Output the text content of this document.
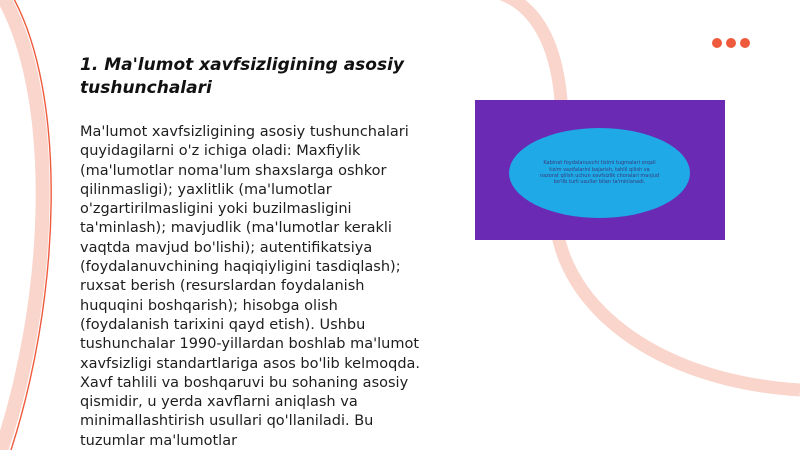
1. Ma'lumot xavfsizligining asosiy tushunchalari

Ma'lumot xavfsizligining asosiy tushunchalari quyidagilarni o'z ichiga oladi: Maxfiylik (ma'lumotlar noma'lum shaxslarga oshkor qilinmasligi); yaxlitlik (ma'lumotlar o'zgartirilmasligini yoki buzilmasligini ta'minlash); mavjudlik (ma'lumotlar kerakli vaqtda mavjud bo'lishi); autentifikatsiya (foydalanuvchining haqiqiyligini tasdiqlash); ruxsat berish (resurslardan foydalanish huquqini boshqarish); hisobga olish (foydalanish tarixini qayd etish). Ushbu tushunchalar 1990-yillardan boshlab ma'lumot xavfsizligi standartlariga asos bo'lib kelmoqda. Xavf tahlili va boshqaruvi bu sohaning asosiy qismidir, u yerda xavflarni aniqlash va minimallashtirish usullari qo'llaniladi. Bu tuzumlar ma'lumotlar

Kabinet foydalanuvchi tizimi tugmalari orqali tizim vazifalarini bajarish, tahlil qilish va nazorat qilish uchun xavfsizlik choralari mavjud bo'lib turli usullar bilan ta'minlanadi.
